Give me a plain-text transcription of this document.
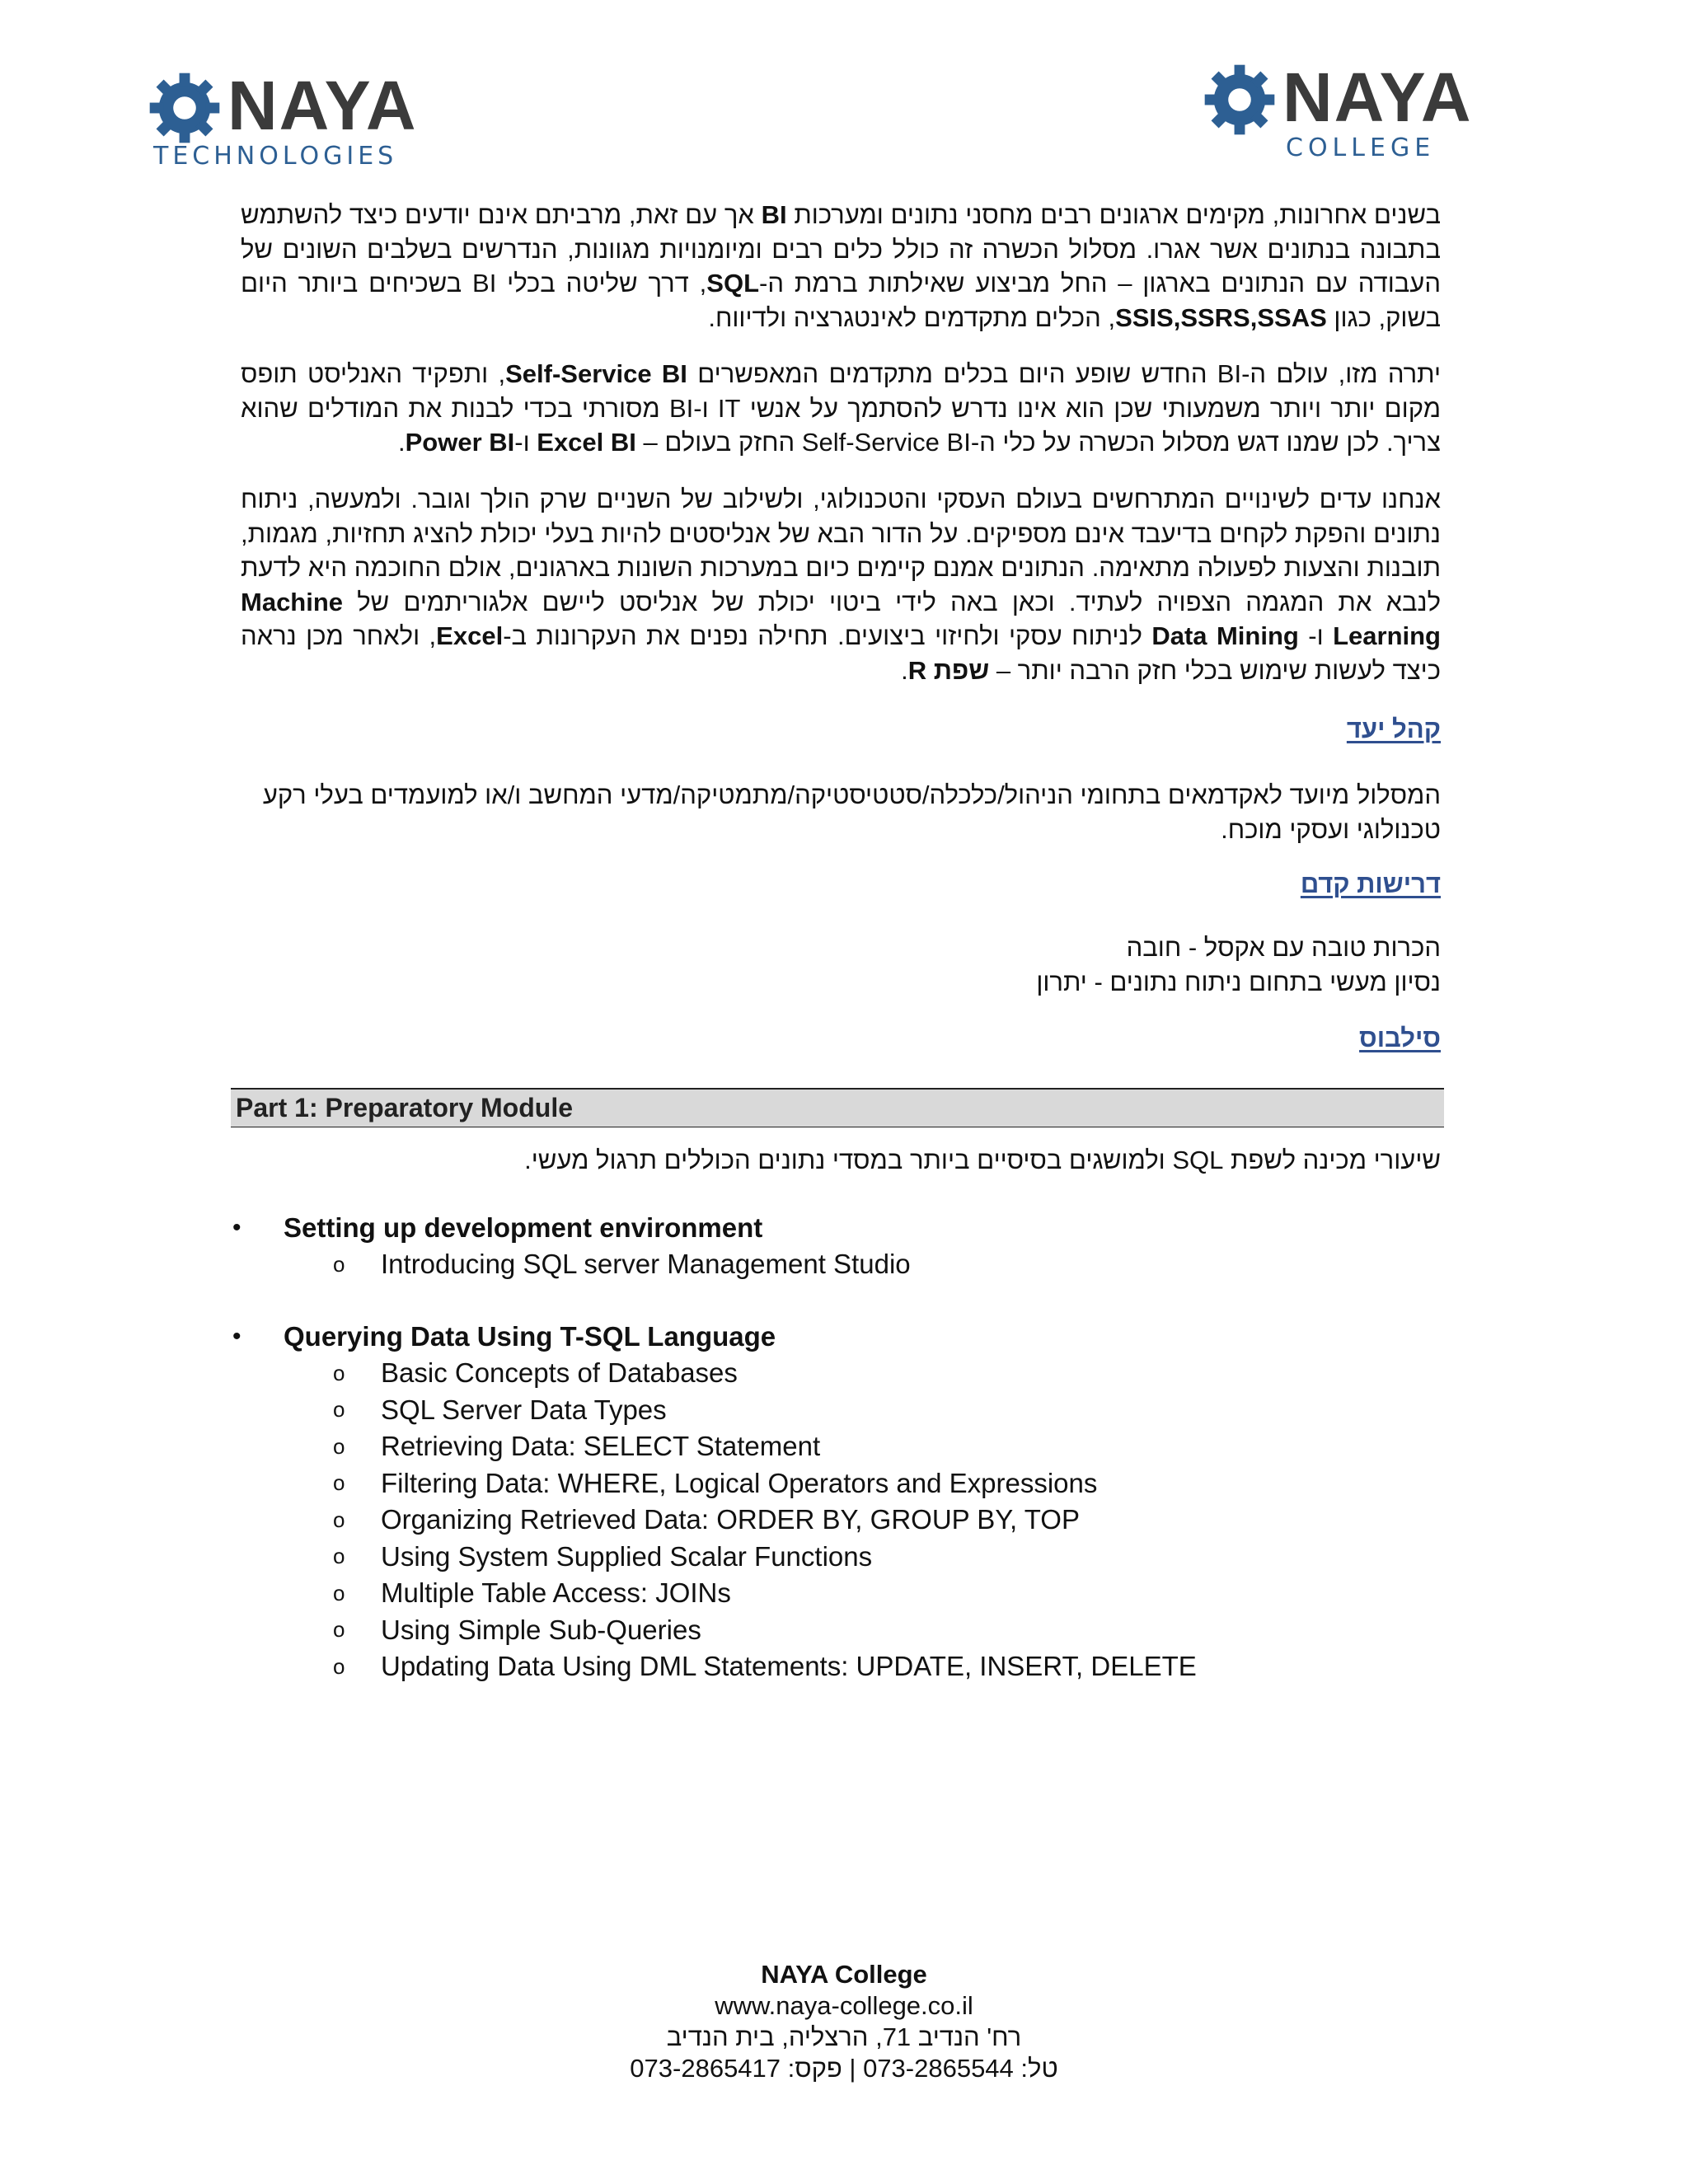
NAYA
TECHNOLOGIES
NAYA
COLLEGE

בשנים אחרונות, מקימים ארגונים רבים מחסני נתונים ומערכות BI אך עם זאת, מרביתם אינם יודעים כיצד להשתמש בתבונה בנתונים אשר אגרו. מסלול הכשרה זה כולל כלים רבים ומיומנויות מגוונות, הנדרשים בשלבים השונים של העבודה עם הנתונים בארגון – החל מביצוע שאילתות ברמת ה-SQL, דרך שליטה בכלי BI בשכיחים ביותר היום בשוק, כגון SSIS,SSRS,SSAS, הכלים מתקדמים לאינטגרציה ולדיווח.

יתרה מזו, עולם ה-BI החדש שופע היום בכלים מתקדמים המאפשרים Self-Service BI, ותפקיד האנליסט תופס מקום יותר ויותר משמעותי שכן הוא אינו נדרש להסתמך על אנשי IT ו-BI מסורתי בכדי לבנות את המודלים שהוא צריך. לכן שמנו דגש מסלול הכשרה על כלי ה-Self-Service BI החזק בעולם – Excel BI ו-Power BI.

אנחנו עדים לשינויים המתרחשים בעולם העסקי והטכנולוגי, ולשילוב של השניים שרק הולך וגובר. ולמעשה, ניתוח נתונים והפקת לקחים בדיעבד אינם מספיקים. על הדור הבא של אנליסטים להיות בעלי יכולת להציג תחזיות, מגמות, תובנות והצעות לפעולה מתאימה. הנתונים אמנם קיימים כיום במערכות השונות בארגונים, אולם החוכמה היא לדעת לנבא את המגמה הצפויה לעתיד. וכאן באה לידי ביטוי יכולת של אנליסט ליישם אלגוריתמים של Machine Learning ו- Data Mining לניתוח עסקי ולחיזוי ביצועים. תחילה נפנים את העקרונות ב-Excel, ולאחר מכן נראה כיצד לעשות שימוש בכלי חזק הרבה יותר – שפת R.

קהל יעד

המסלול מיועד לאקדמאים בתחומי הניהול/כלכלה/סטטיסטיקה/מתמטיקה/מדעי המחשב ו/או למועמדים בעלי רקע טכנולוגי ועסקי מוכח.

דרישות קדם
הכרות טובה עם אקסל - חובה
נסיון מעשי בתחום ניתוח נתונים - יתרון
סילבוס
Part 1: Preparatory Module
שיעורי מכינה לשפת SQL ולמושגים בסיסיים ביותר במסדי נתונים הכוללים תרגול מעשי.
•	Setting up development environment
o	Introducing SQL server Management Studio
•	Querying Data Using T-SQL Language
o	Basic Concepts of Databases
o	SQL Server Data Types
o	Retrieving Data: SELECT Statement
o	Filtering Data: WHERE, Logical Operators and Expressions
o	Organizing Retrieved Data: ORDER BY, GROUP BY, TOP
o	Using System Supplied Scalar Functions
o	Multiple Table Access: JOINs
o	Using Simple Sub-Queries
o	Updating Data Using DML Statements: UPDATE, INSERT, DELETE
NAYA College
www.naya-college.co.il
רח' הנדיב 71, הרצליה, בית הנדיב
טל: 073-2865544 | פקס: 073-2865417
